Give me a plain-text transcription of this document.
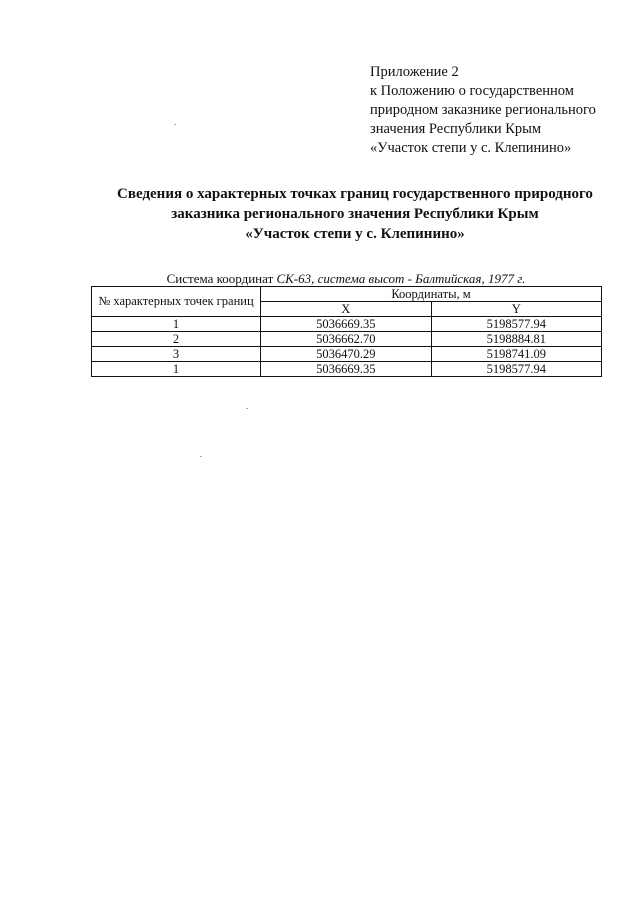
Приложение 2
к Положению о государственном
природном заказнике регионального
значения Республики Крым
«Участок степи у с. Клепинино»
Сведения о характерных точках границ государственного природного
заказника регионального значения Республики Крым
«Участок степи у с. Клепинино»
Система координат СК-63, система высот - Балтийская, 1977 г.
№ характерных точек границ	Координаты, м	
	X	Y
1	5036669.35	5198577.94
2	5036662.70	5198884.81
3	5036470.29	5198741.09
1	5036669.35	5198577.94
